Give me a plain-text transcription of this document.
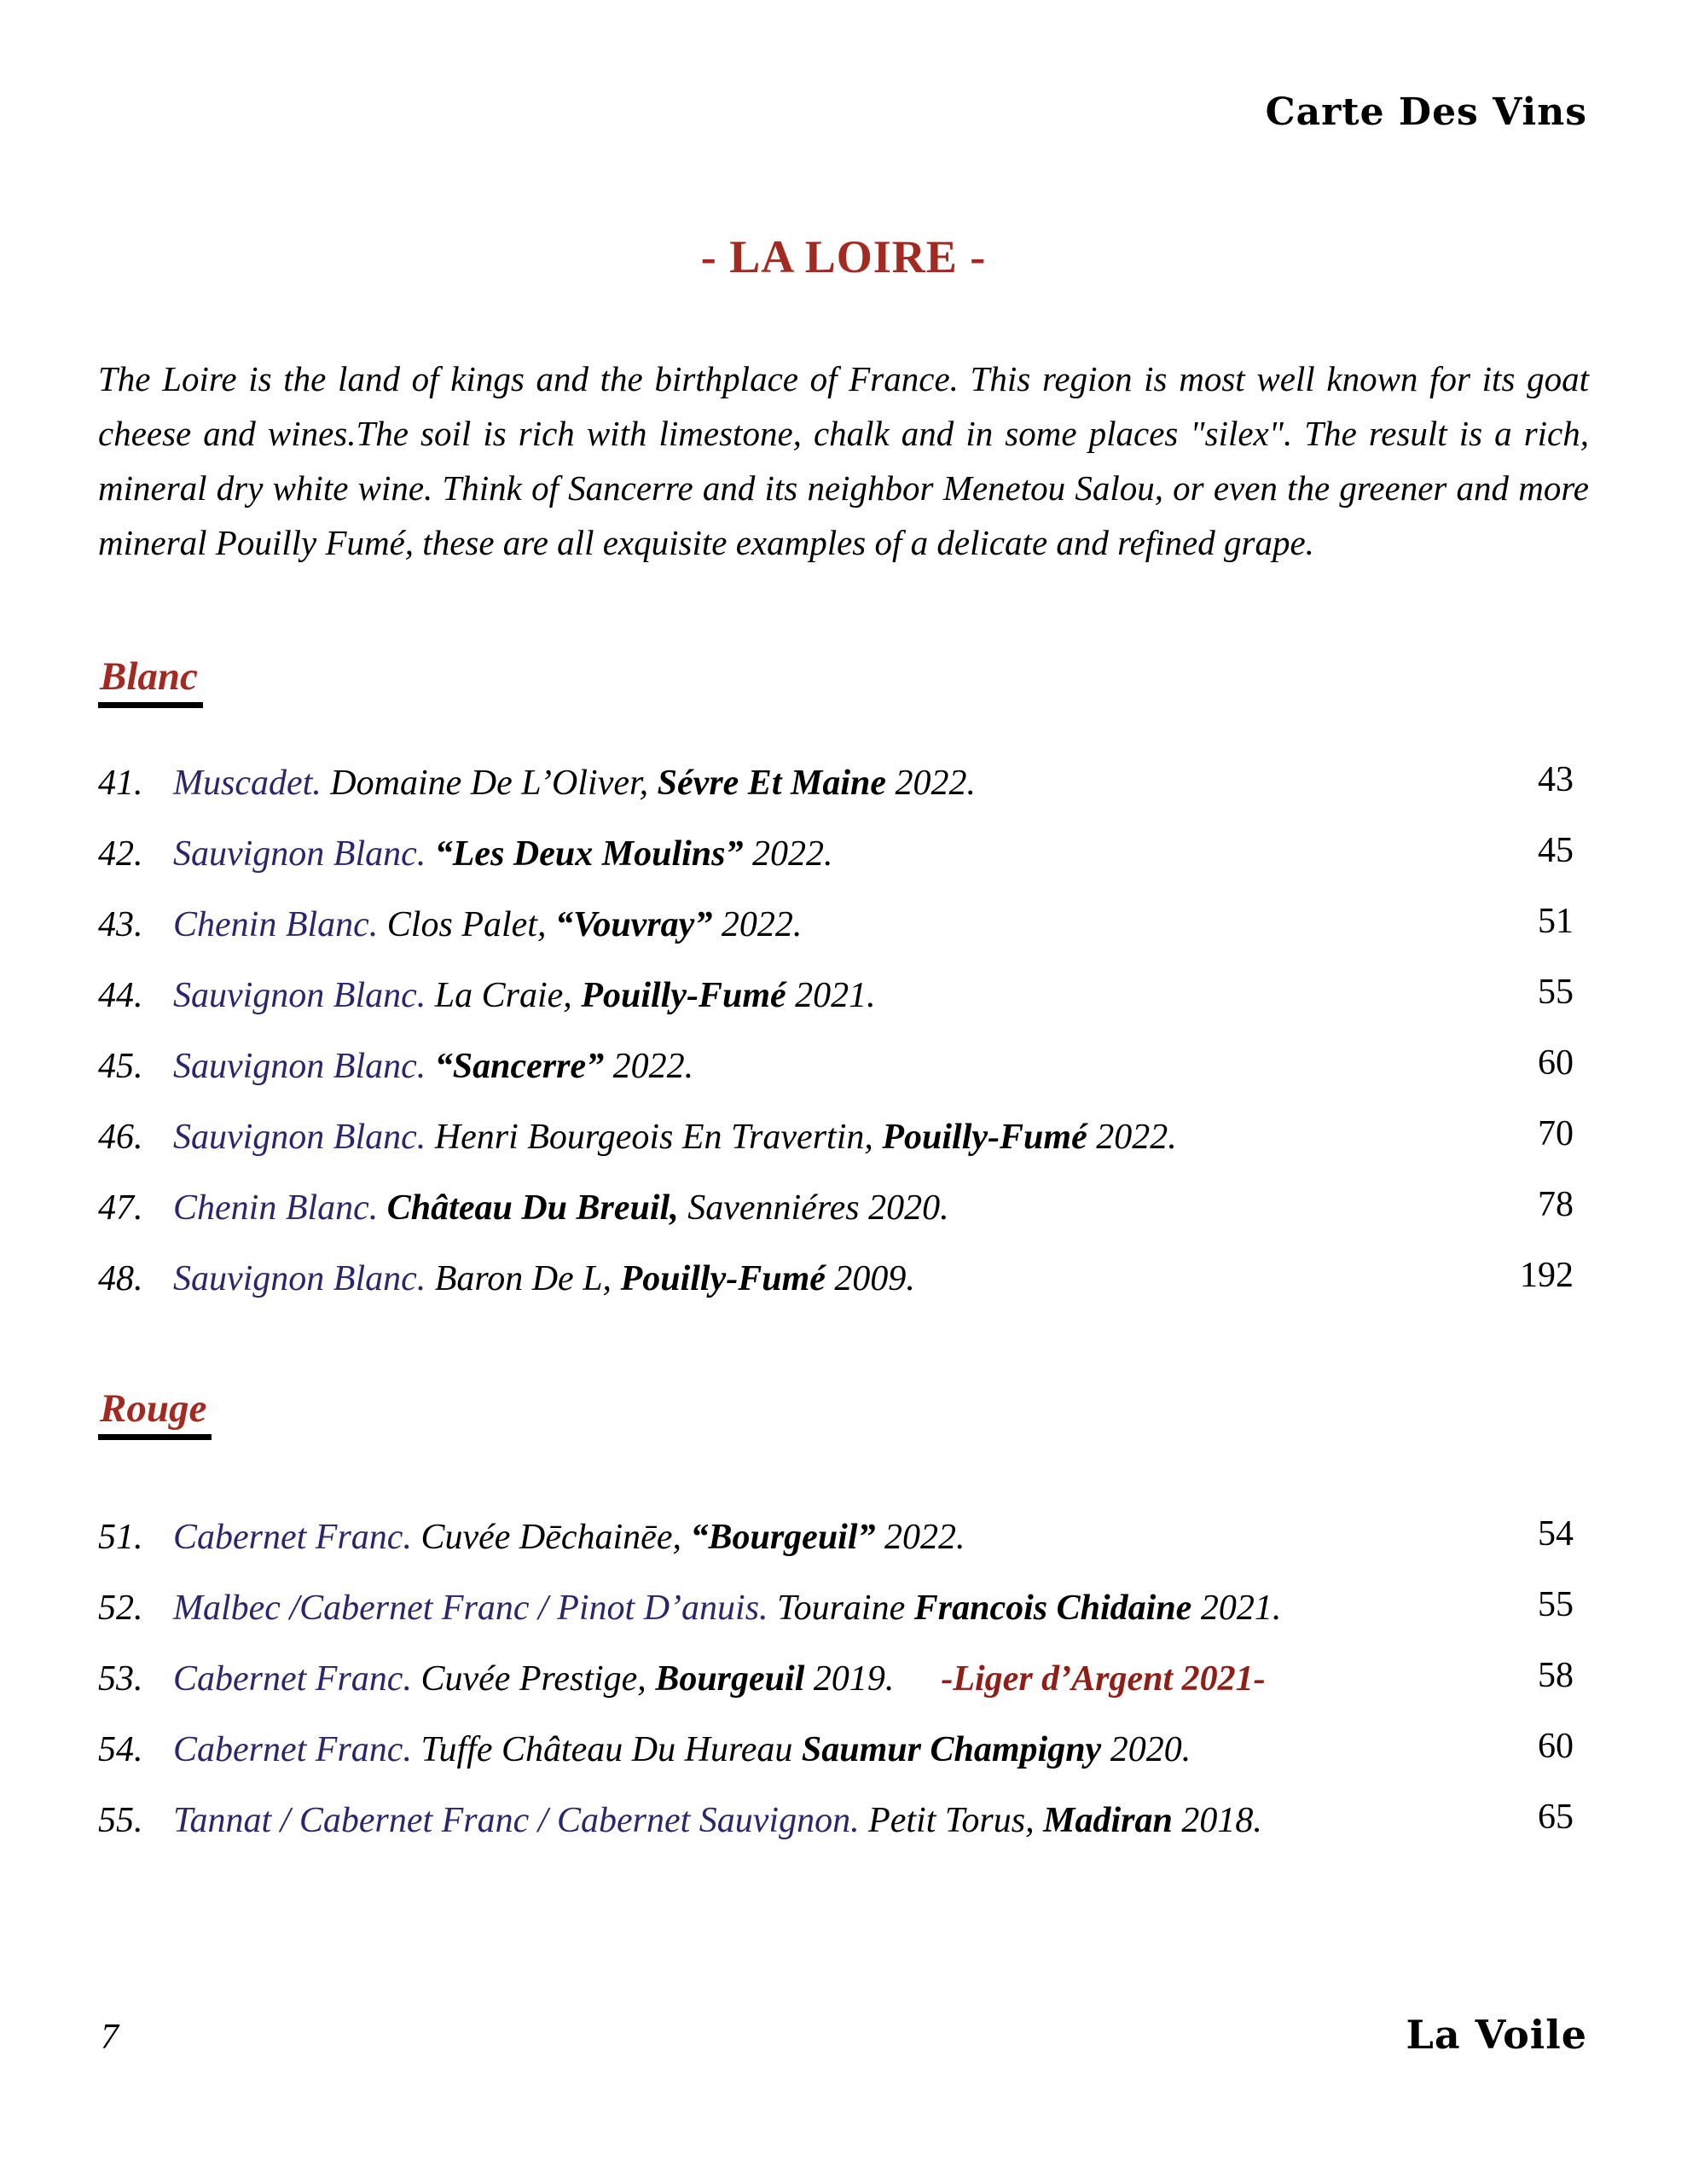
Carte Des Vins
- LA LOIRE -

The Loire is the land of kings and the birthplace of France. This region is most well known for its goat cheese and wines.The soil is rich with limestone, chalk and in some places "silex". The result is a rich, mineral dry white wine. Think of Sancerre and its neighbor Menetou Salou, or even the greener and more mineral Pouilly Fumé, these are all exquisite examples of a delicate and refined grape.

Blanc
41. Muscadet. Domaine De L’Oliver, Sévre Et Maine 2022.	43
42. Sauvignon Blanc. “Les Deux Moulins” 2022.	45
43. Chenin Blanc. Clos Palet, “Vouvray” 2022.	51
44. Sauvignon Blanc. La Craie, Pouilly-Fumé 2021.	55
45. Sauvignon Blanc. “Sancerre” 2022.	60
46. Sauvignon Blanc. Henri Bourgeois En Travertin, Pouilly-Fumé 2022.	70
47. Chenin Blanc. Château Du Breuil, Savenniéres 2020.	78
48. Sauvignon Blanc. Baron De L, Pouilly-Fumé 2009.	192
Rouge
51. Cabernet Franc. Cuvée Dēchainēe, “Bourgeuil” 2022.	54
52. Malbec /Cabernet Franc / Pinot D’anuis. Touraine Francois Chidaine 2021.	55
53. Cabernet Franc. Cuvée Prestige, Bourgeuil 2019. -Liger d’Argent 2021-	58
54. Cabernet Franc. Tuffe Château Du Hureau Saumur Champigny 2020.	60
55. Tannat / Cabernet Franc / Cabernet Sauvignon. Petit Torus, Madiran 2018.	65
7	La Voile
